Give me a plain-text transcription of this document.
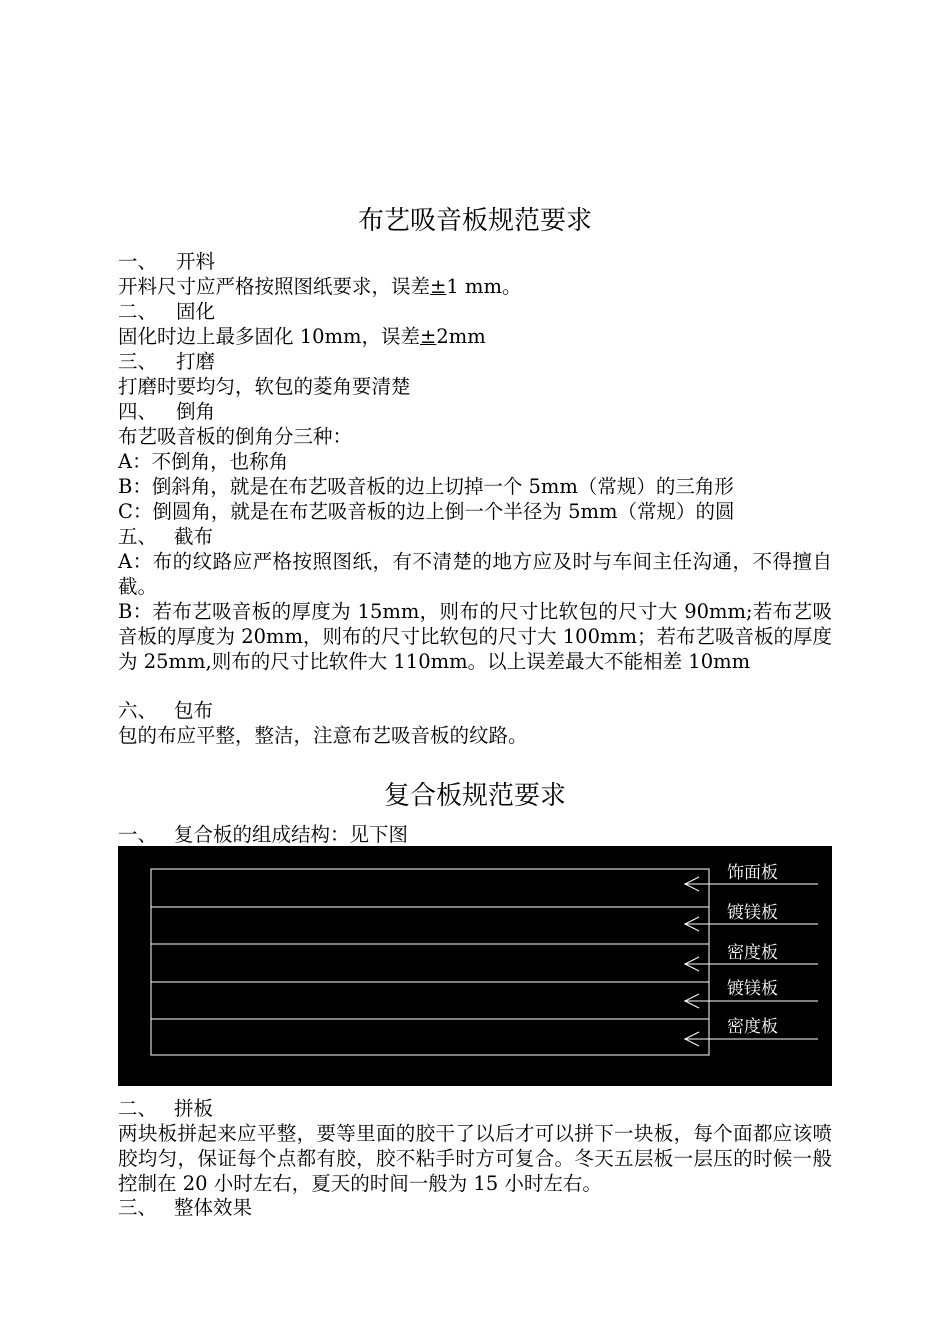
布艺吸音板规范要求
一、 开料
开料尺寸应严格按照图纸要求，误差±1 mm。
二、 固化
固化时边上最多固化 10mm，误差±2mm
三、 打磨
打磨时要均匀，软包的菱角要清楚
四、 倒角
布艺吸音板的倒角分三种：
A：不倒角，也称角
B：倒斜角，就是在布艺吸音板的边上切掉一个 5mm（常规）的三角形
C：倒圆角，就是在布艺吸音板的边上倒一个半径为 5mm（常规）的圆
五、 截布
A：布的纹路应严格按照图纸，有不清楚的地方应及时与车间主任沟通，不得擅自截。
B：若布艺吸音板的厚度为 15mm，则布的尺寸比软包的尺寸大 90mm;若布艺吸音板的厚度为 20mm，则布的尺寸比软包的尺寸大 100mm；若布艺吸音板的厚度为 25mm,则布的尺寸比软件大 110mm。以上误差最大不能相差 10mm
六、 包布
包的布应平整，整洁，注意布艺吸音板的纹路。
复合板规范要求
一、 复合板的组成结构：见下图
饰面板
镀镁板
密度板
镀镁板
密度板
二、 拼板
两块板拼起来应平整，要等里面的胶干了以后才可以拼下一块板，每个面都应该喷胶均匀，保证每个点都有胶，胶不粘手时方可复合。冬天五层板一层压的时候一般控制在 20 小时左右，夏天的时间一般为 15 小时左右。
三、 整体效果
